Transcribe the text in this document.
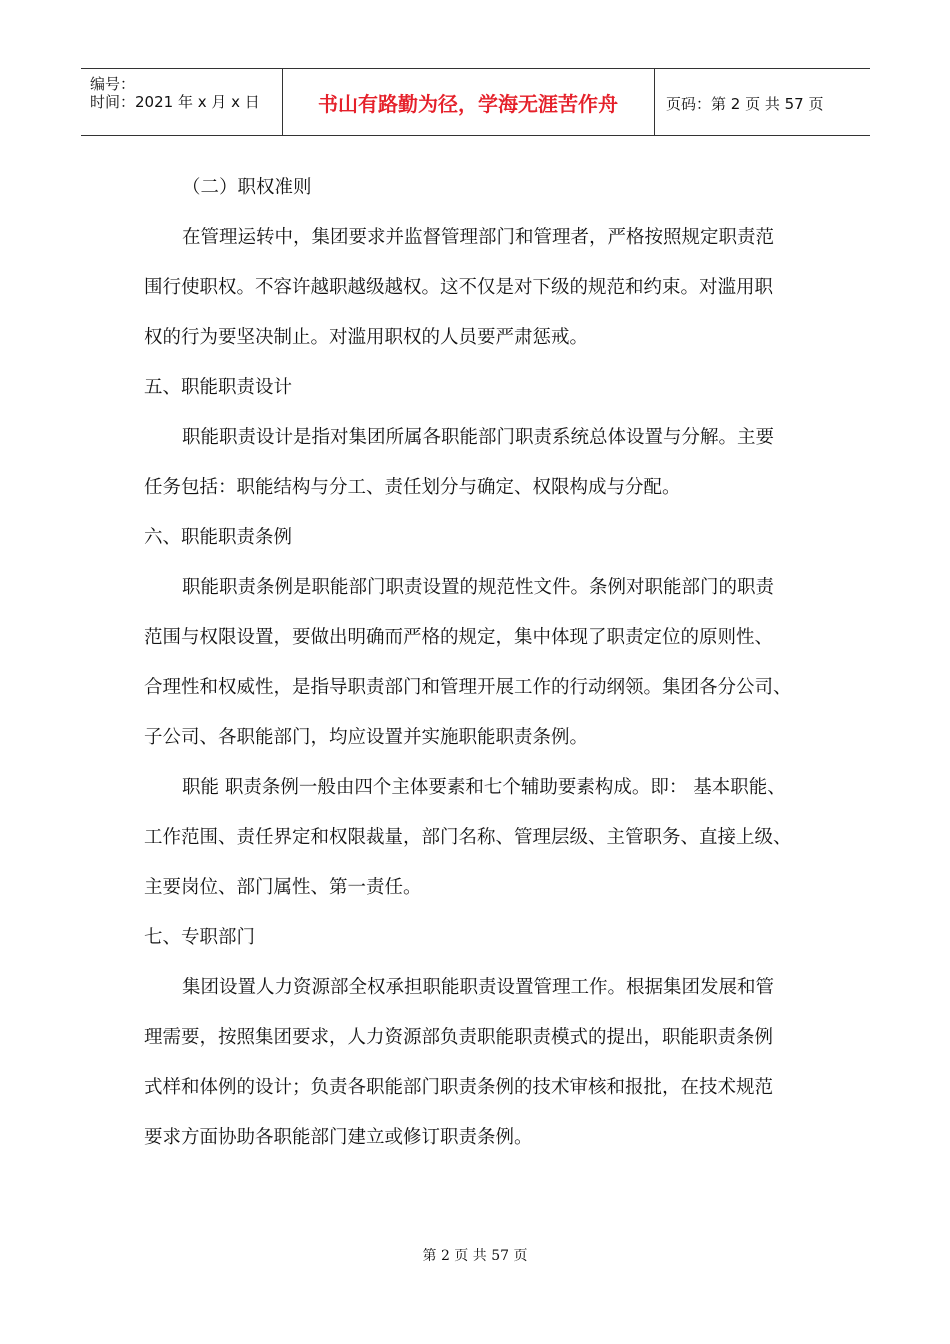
编号：
时间：2021 年 x 月 x 日	书山有路勤为径，学海无涯苦作舟	页码：第 2 页 共 57 页

（二）职权准则

在管理运转中，集团要求并监督管理部门和管理者，严格按照规定职责范

围行使职权。不容许越职越级越权。这不仅是对下级的规范和约束。对滥用职

权的行为要坚决制止。对滥用职权的人员要严肃惩戒。

五、职能职责设计

职能职责设计是指对集团所属各职能部门职责系统总体设置与分解。主要

任务包括：职能结构与分工、责任划分与确定、权限构成与分配。

六、职能职责条例

职能职责条例是职能部门职责设置的规范性文件。条例对职能部门的职责

范围与权限设置，要做出明确而严格的规定，集中体现了职责定位的原则性、

合理性和权威性，是指导职责部门和管理开展工作的行动纲领。集团各分公司、

子公司、各职能部门，均应设置并实施职能职责条例。

职能 职责条例一般由四个主体要素和七个辅助要素构成。即： 基本职能、

工作范围、责任界定和权限裁量，部门名称、管理层级、主管职务、直接上级、

主要岗位、部门属性、第一责任。

七、专职部门

集团设置人力资源部全权承担职能职责设置管理工作。根据集团发展和管

理需要，按照集团要求，人力资源部负责职能职责模式的提出，职能职责条例

式样和体例的设计；负责各职能部门职责条例的技术审核和报批，在技术规范

要求方面协助各职能部门建立或修订职责条例。

第 2 页 共 57 页
